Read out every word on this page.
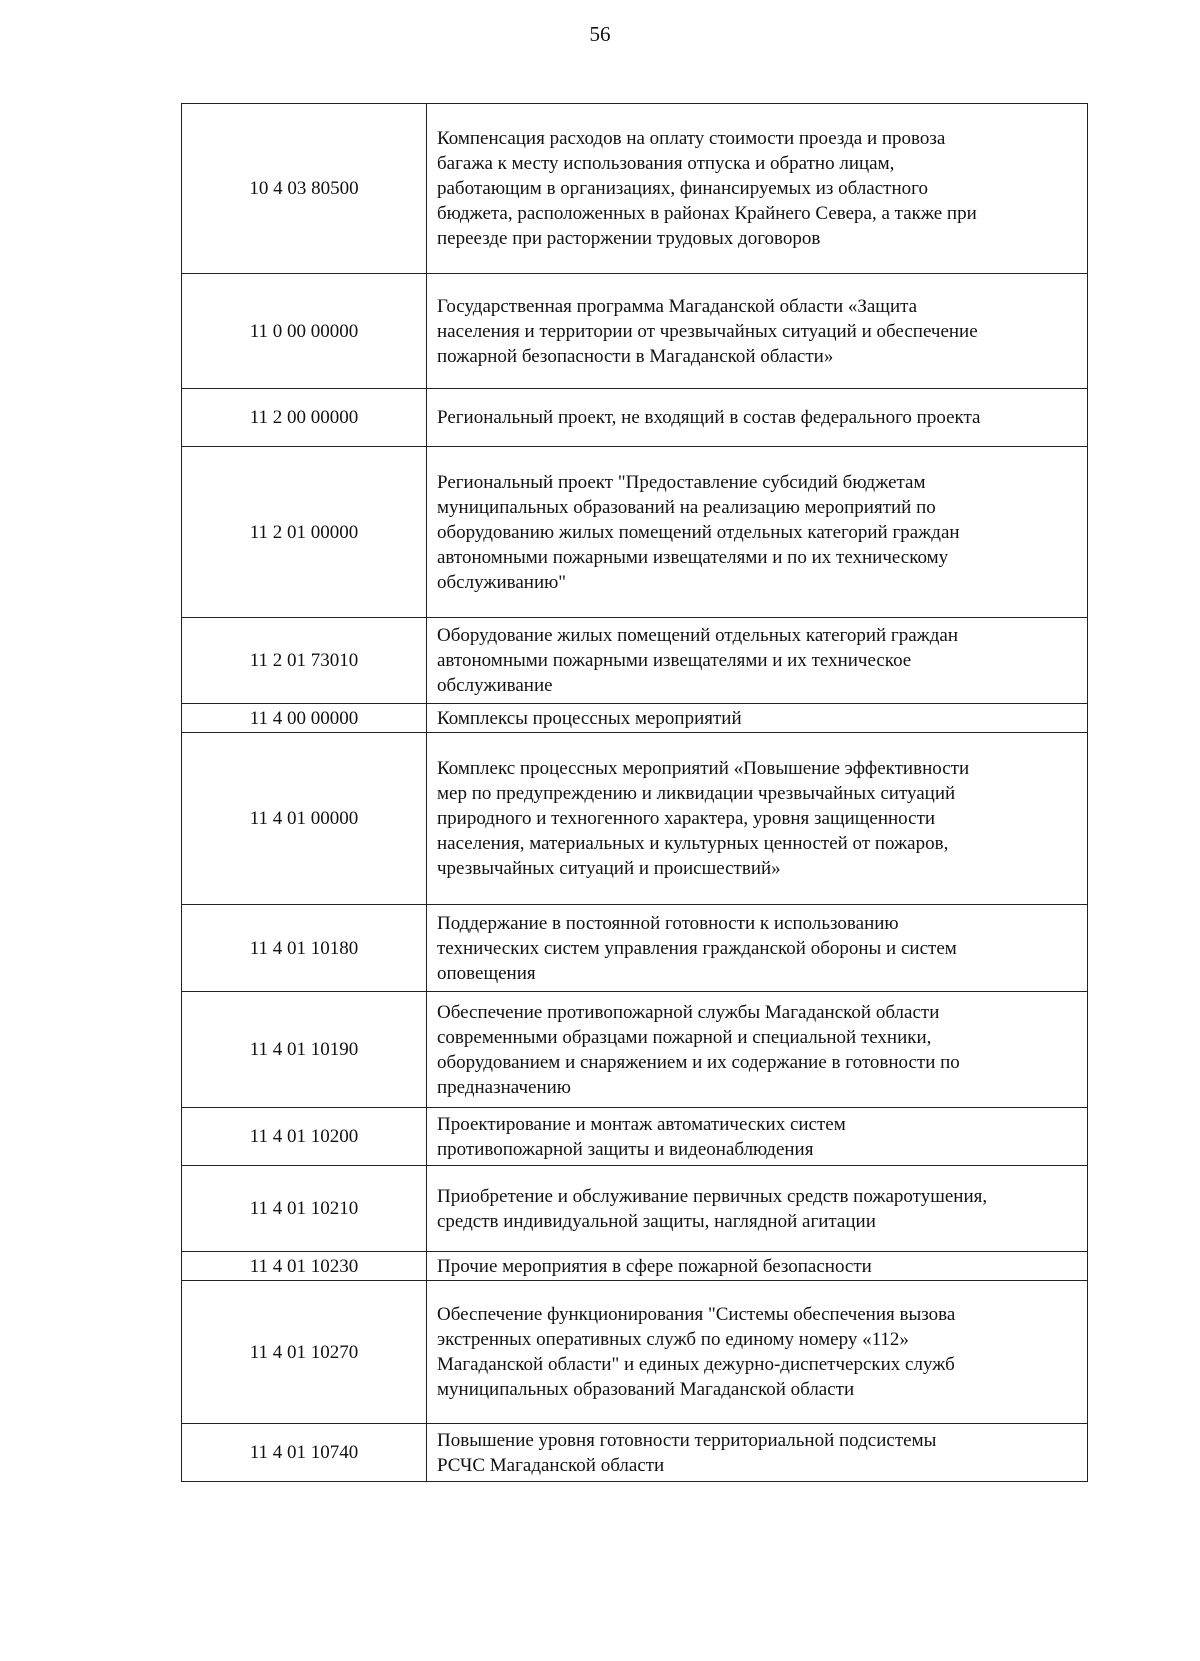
56
10 4 03 80500	Компенсация расходов на оплату стоимости проезда и провоза
багажа к месту использования отпуска и обратно лицам,
работающим в организациях, финансируемых из областного
бюджета, расположенных в районах Крайнего Севера, а также при
переезде при расторжении трудовых договоров

11 0 00 00000	Государственная программа Магаданской области «Защита
населения и территории от чрезвычайных ситуаций и обеспечение
пожарной безопасности в Магаданской области»

11 2 00 00000	Региональный проект, не входящий в состав федерального проекта

11 2 01 00000	Региональный проект "Предоставление субсидий бюджетам
муниципальных образований на реализацию мероприятий по
оборудованию жилых помещений отдельных категорий граждан
автономными пожарными извещателями и по их техническому
обслуживанию"

11 2 01 73010	Оборудование жилых помещений отдельных категорий граждан
автономными пожарными извещателями и их техническое
обслуживание

11 4 00 00000	Комплексы процессных мероприятий

11 4 01 00000	Комплекс процессных мероприятий «Повышение эффективности
мер по предупреждению и ликвидации чрезвычайных ситуаций
природного и техногенного характера, уровня защищенности
населения, материальных и культурных ценностей от пожаров,
чрезвычайных ситуаций и происшествий»

11 4 01 10180	Поддержание в постоянной готовности к использованию
технических систем управления гражданской обороны и систем
оповещения

11 4 01 10190	Обеспечение противопожарной службы Магаданской области
современными образцами пожарной и специальной техники,
оборудованием и снаряжением и их содержание в готовности по
предназначению

11 4 01 10200	Проектирование и монтаж автоматических систем
противопожарной защиты и видеонаблюдения

11 4 01 10210	Приобретение и обслуживание первичных средств пожаротушения,
средств индивидуальной защиты, наглядной агитации

11 4 01 10230	Прочие мероприятия в сфере пожарной безопасности

11 4 01 10270	Обеспечение функционирования "Системы обеспечения вызова
экстренных оперативных служб по единому номеру «112»
Магаданской области" и единых дежурно-диспетчерских служб
муниципальных образований Магаданской области

11 4 01 10740	Повышение уровня готовности территориальной подсистемы
РСЧС Магаданской области
